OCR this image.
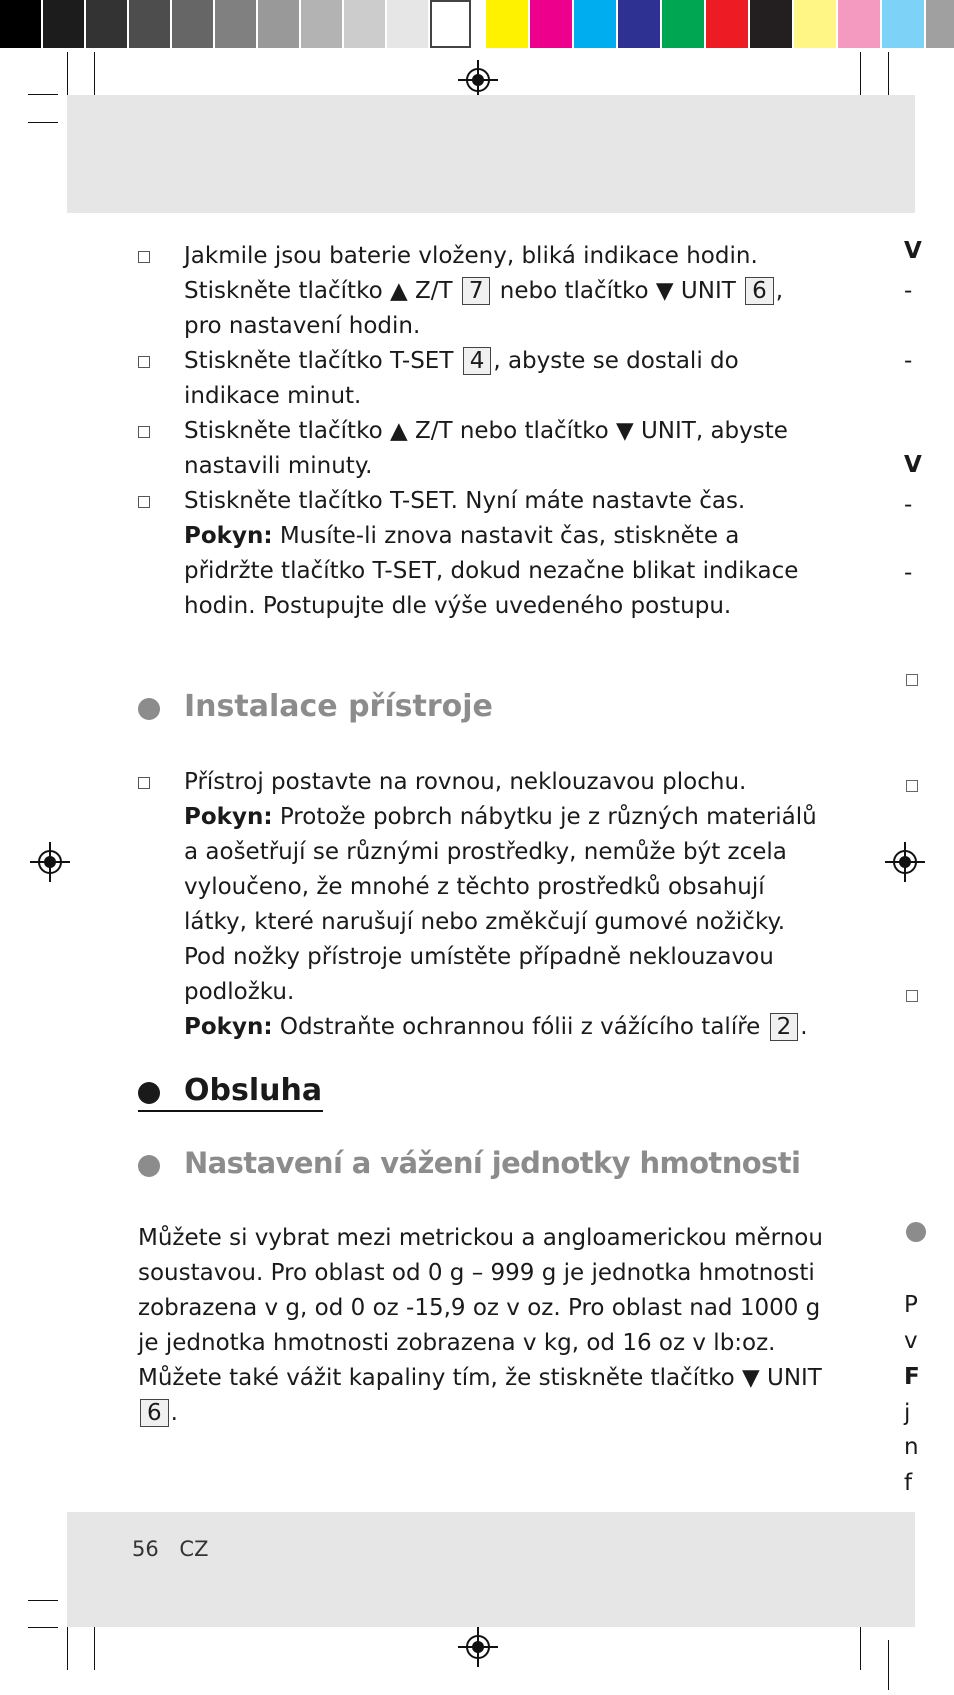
Jakmile jsou baterie vloženy, bliká indikace hodin. Stiskněte tlačítko ▲ Z/T 7 nebo tlačítko ▼ UNIT 6 , pro nastavení hodin.
Stiskněte tlačítko T-SET 4 , abyste se dostali do indikace minut.
Stiskněte tlačítko ▲ Z/T nebo tlačítko ▼ UNIT, abyste nastavili minuty.
Stiskněte tlačítko T-SET. Nyní máte nastavte čas.
Pokyn: Musíte-li znova nastavit čas, stiskněte a přidržte tlačítko T-SET, dokud nezačne blikat indikace hodin. Postupujte dle výše uvedeného postupu.
Instalace přístroje
Přístroj postavte na rovnou, neklouzavou plochu.
Pokyn: Protože pobrch nábytku je z různých materiálů a aošetřují se různými prostředky, nemůže být zcela vyloučeno, že mnohé z těchto prostředků obsahují látky, které narušují nebo změkčují gumové nožičky. Pod nožky přístroje umístěte případně neklouzavou podložku.
Pokyn: Odstraňte ochrannou fólii z vážícího talíře 2 .
Obsluha
Nastavení a vážení jednotky hmotnosti
Můžete si vybrat mezi metrickou a angloamerickou měrnou soustavou. Pro oblast od 0 g – 999 g je jednotka hmotnosti zobrazena v g, od 0 oz -15,9 oz v oz. Pro oblast nad 1000 g je jednotka hmotnosti zobrazena v kg, od 16 oz v lb:oz. Můžete také vážit kapaliny tím, že stiskněte tlačítko ▼ UNIT 6 .
V
-
-
V
-
-
P
v
F
j
n
f
56 CZ
